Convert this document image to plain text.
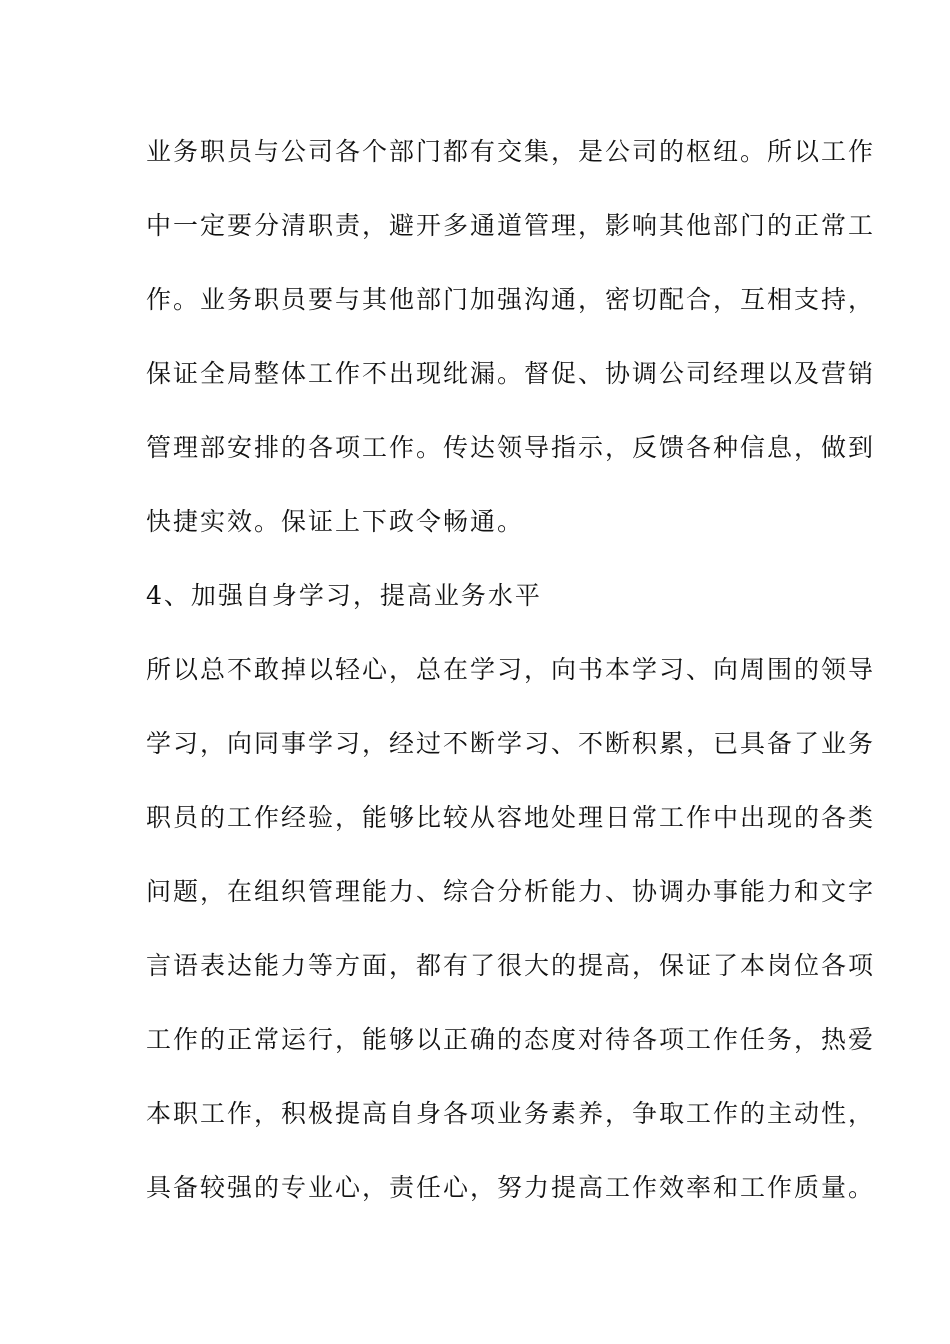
业务职员与公司各个部门都有交集，是公司的枢纽。所以工作
中一定要分清职责，避开多通道管理，影响其他部门的正常工
作。业务职员要与其他部门加强沟通，密切配合，互相支持，
保证全局整体工作不出现纰漏。督促、协调公司经理以及营销
管理部安排的各项工作。传达领导指示，反馈各种信息，做到
快捷实效。保证上下政令畅通。
4、加强自身学习，提高业务水平
所以总不敢掉以轻心，总在学习，向书本学习、向周围的领导
学习，向同事学习，经过不断学习、不断积累，已具备了业务
职员的工作经验，能够比较从容地处理日常工作中出现的各类
问题，在组织管理能力、综合分析能力、协调办事能力和文字
言语表达能力等方面，都有了很大的提高，保证了本岗位各项
工作的正常运行，能够以正确的态度对待各项工作任务，热爱
本职工作，积极提高自身各项业务素养，争取工作的主动性，
具备较强的专业心，责任心，努力提高工作效率和工作质量。
